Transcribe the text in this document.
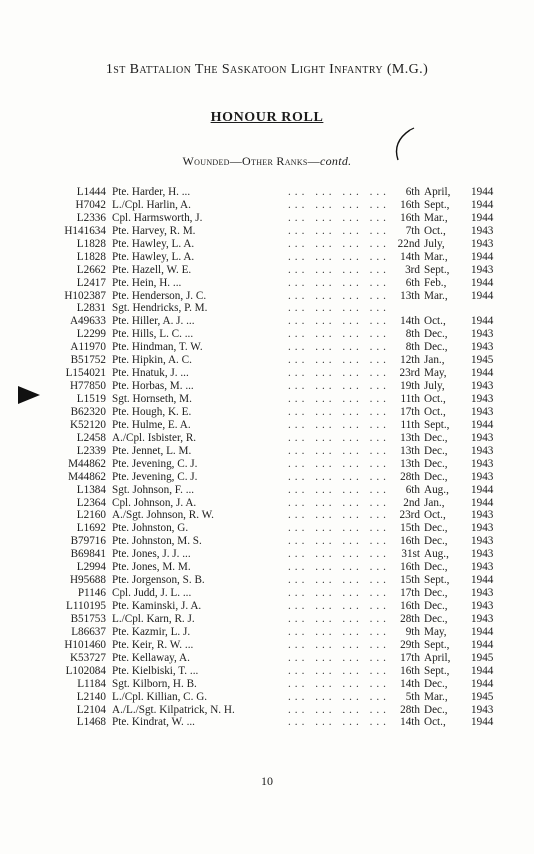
1st Battalion The Saskatoon Light Infantry (M.G.)
HONOUR ROLL
Wounded—Other Ranks—contd.
L1444 Pte. Harder, H. ...	... ... ... ...	6th April, 1944
H7042 L./Cpl. Harlin, A.	... ... ... ... 16th Sept., 1944
L2336 Cpl. Harmsworth, J.	... ... ... ... 16th Mar., 1944
H141634 Pte. Harvey, R. M.	... ... ... ...	7th Oct., 1943
L1828 Pte. Hawley, L. A.	... ... ... ... 22nd July, 1943
L1828 Pte. Hawley, L. A.	... ... ... ... 14th Mar., 1944
L2662 Pte. Hazell, W. E.	... ... ... ...	3rd Sept., 1943
L2417 Pte. Hein, H. ...	... ... ... ...	6th Feb., 1944
H102387 Pte. Henderson, J. C.	... ... ... ... 13th Mar., 1944
L2831 Sgt. Hendricks, P. M.	... ... ... ...
A49633 Pte. Hiller, A. J. ...	... ... ... ... 14th Oct., 1944
L2299 Pte. Hills, L. C. ...	... ... ... ...	8th Dec., 1943
A11970 Pte. Hindman, T. W.	... ... ... ...	8th Dec., 1943
B51752 Pte. Hipkin, A. C.	... ... ... ... 12th Jan., 1945
L154021 Pte. Hnatuk, J. ...	... ... ... ... 23rd May, 1944
H77850 Pte. Horbas, M. ...	... ... ... ... 19th July, 1943
L1519 Sgt. Hornseth, M.	... ... ... ... 11th Oct., 1943
B62320 Pte. Hough, K. E.	... ... ... ... 17th Oct., 1943
K52120 Pte. Hulme, E. A.	... ... ... ... 11th Sept., 1944
L2458 A./Cpl. Isbister, R.	... ... ... ... 13th Dec., 1943
L2339 Pte. Jennet, L. M.	... ... ... ... 13th Dec., 1943
M44862 Pte. Jevening, C. J.	... ... ... ... 13th Dec., 1943
M44862 Pte. Jevening, C. J.	... ... ... ... 28th Dec., 1943
L1384 Sgt. Johnson, F. ...	... ... ... ...	6th Aug., 1944
L2364 Cpl. Johnson, J. A.	... ... ... ...	2nd Jan., 1944
L2160 A./Sgt. Johnson, R. W.	... ... ... ... 23rd Oct., 1943
L1692 Pte. Johnston, G.	... ... ... ... 15th Dec., 1943
B79716 Pte. Johnston, M. S.	... ... ... ... 16th Dec., 1943
B69841 Pte. Jones, J. J. ...	... ... ... ...	31st Aug., 1943
L2994 Pte. Jones, M. M.	... ... ... ... 16th Dec., 1943
H95688 Pte. Jorgenson, S. B.	... ... ... ... 15th Sept., 1944
P1146 Cpl. Judd, J. L. ...	... ... ... ... 17th Dec., 1943
L110195 Pte. Kaminski, J. A.	... ... ... ... 16th Dec., 1943
B51753 L./Cpl. Karn, R. J.	... ... ... ... 28th Dec., 1943
L86637 Pte. Kazmir, L. J.	... ... ... ...	9th May, 1944
H101460 Pte. Keir, R. W. ...	... ... ... ... 29th Sept., 1944
K53727 Pte. Kellaway, A.	... ... ... ... 17th April, 1945
L102084 Pte. Kielbiski, T. ...	... ... ... ... 16th Sept., 1944
L1184 Sgt. Kilborn, H. B.	... ... ... ... 14th Dec., 1944
L2140 L./Cpl. Killian, C. G.	... ... ... ...	5th Mar., 1945
L2104 A./L./Sgt. Kilpatrick, N. H.	... ... ... ... 28th Dec., 1943
L1468 Pte. Kindrat, W. ...	... ... ... ... 14th Oct., 1944
10
